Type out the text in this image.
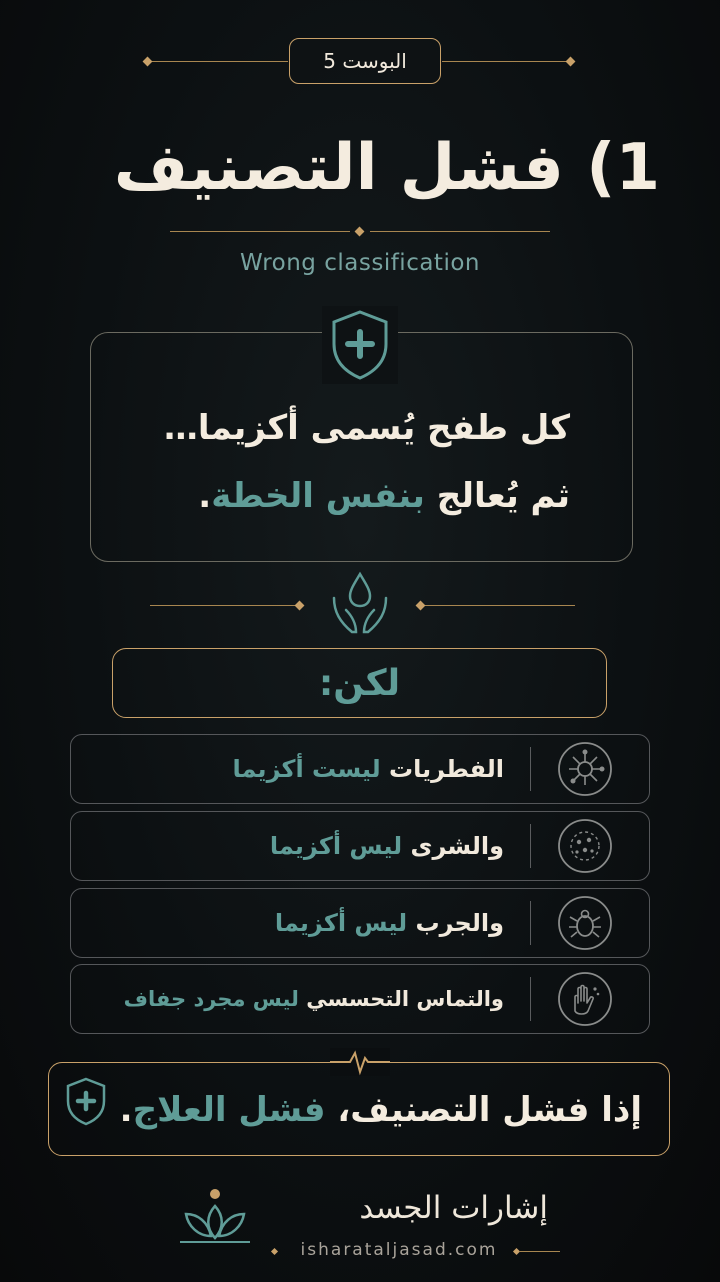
البوست 5
1) فشل التصنيف
Wrong classification
كل طفح يُسمى أكزيما…
ثم يُعالج بنفس الخطة.
لكن:
الفطريات ليست أكزيما
والشرى ليس أكزيما
والجرب ليس أكزيما
والتماس التحسسي ليس مجرد جفاف
إذا فشل التصنيف، فشل العلاج.
إشارات الجسد
isharataljasad.com
